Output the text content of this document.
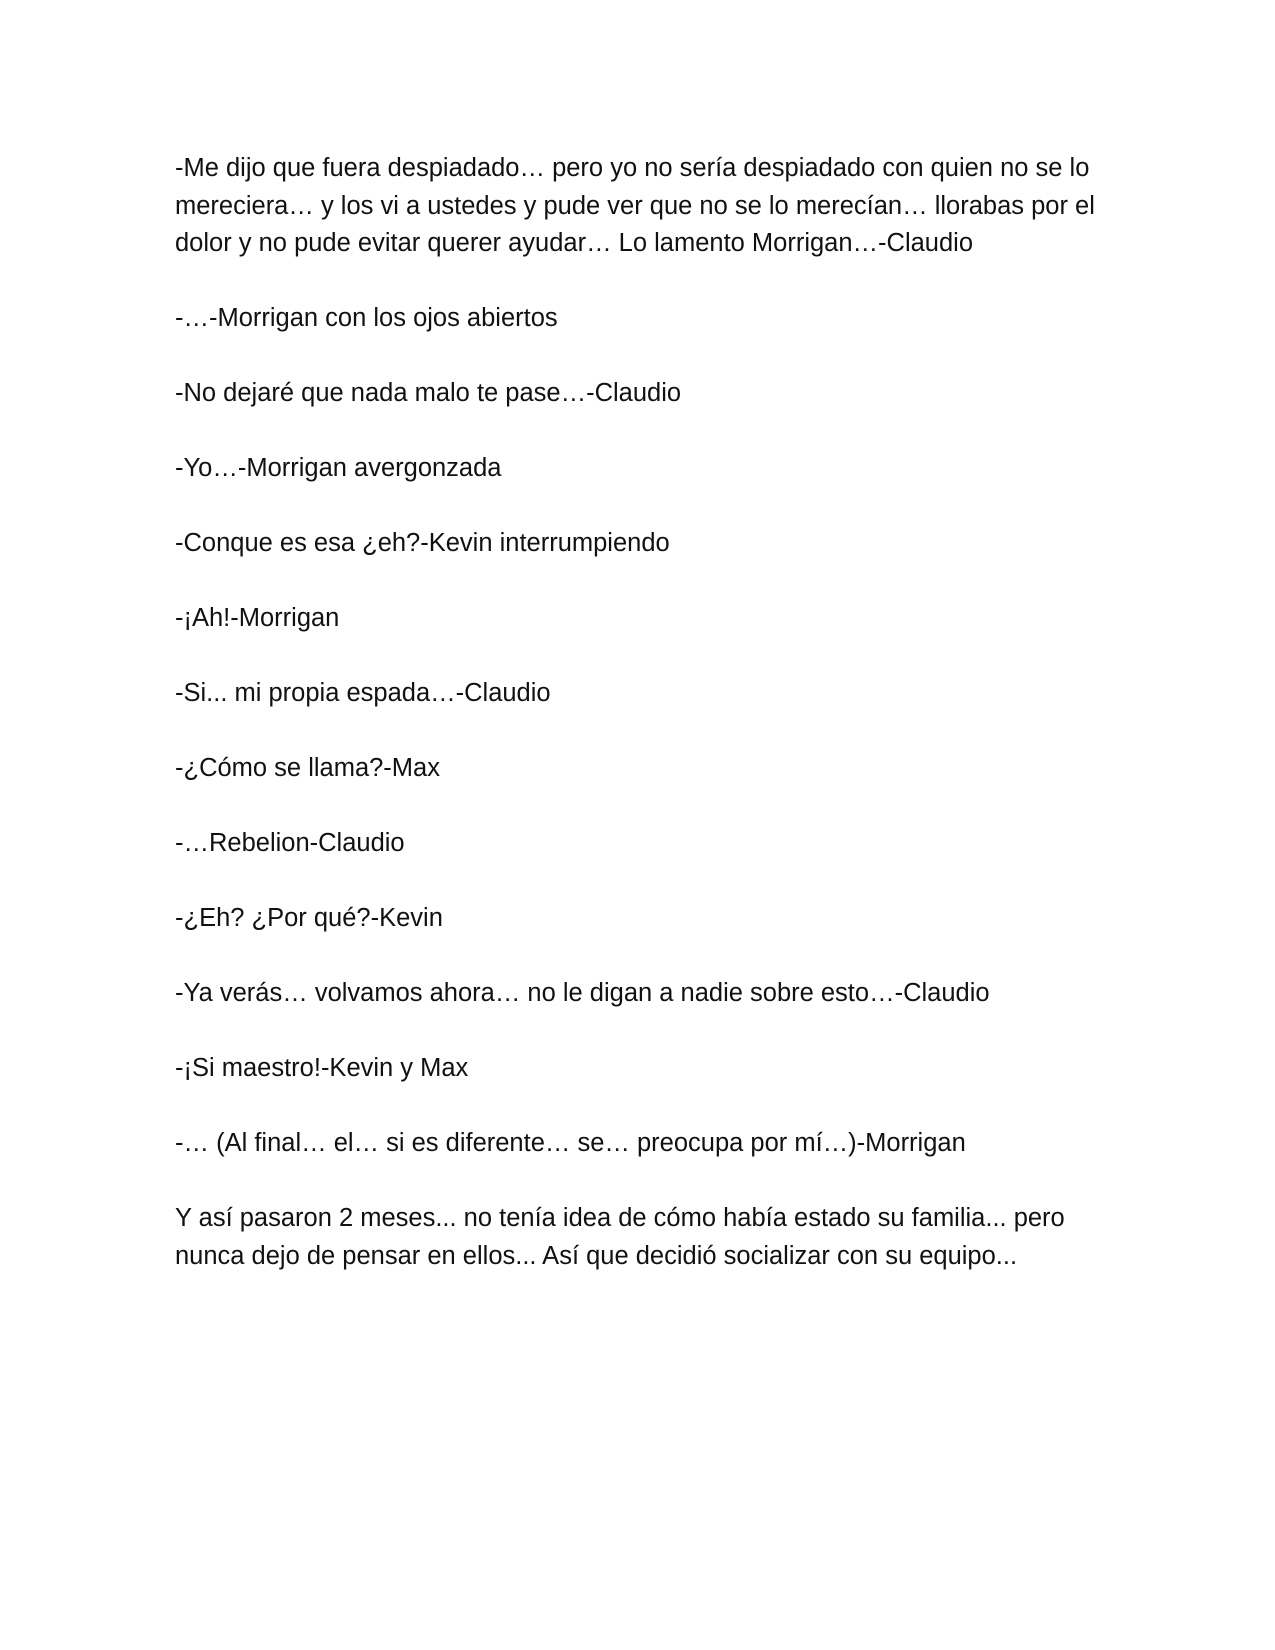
-Me dijo que fuera despiadado… pero yo no sería despiadado con quien no se lo mereciera… y los vi a ustedes y pude ver que no se lo merecían… llorabas por el dolor y no pude evitar querer ayudar… Lo lamento Morrigan…-Claudio

-…-Morrigan con los ojos abiertos

-No dejaré que nada malo te pase…-Claudio

-Yo…-Morrigan avergonzada

-Conque es esa ¿eh?-Kevin interrumpiendo

-¡Ah!-Morrigan

-Si... mi propia espada…-Claudio

-¿Cómo se llama?-Max

-…Rebelion-Claudio

-¿Eh? ¿Por qué?-Kevin

-Ya verás… volvamos ahora… no le digan a nadie sobre esto…-Claudio

-¡Si maestro!-Kevin y Max

-… (Al final… el… si es diferente… se… preocupa por mí…)-Morrigan

Y así pasaron 2 meses... no tenía idea de cómo había estado su familia... pero nunca dejo de pensar en ellos... Así que decidió socializar con su equipo...
